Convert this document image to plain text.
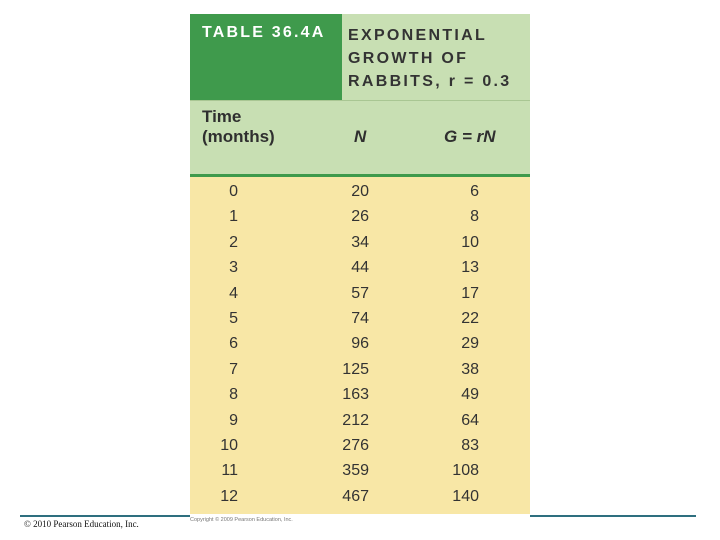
TABLE 36.4A EXPONENTIAL
GROWTH OF
RABBITS, r = 0.3
Time
(months)	N	G = rN
0	20	6
1	26	8
2	34	10
3	44	13
4	57	17
5	74	22
6	96	29
7	125	38
8	163	49
9	212	64
10	276	83
11	359	108
12	467	140
Copyright © 2009 Pearson Education, Inc.
© 2010 Pearson Education, Inc.
